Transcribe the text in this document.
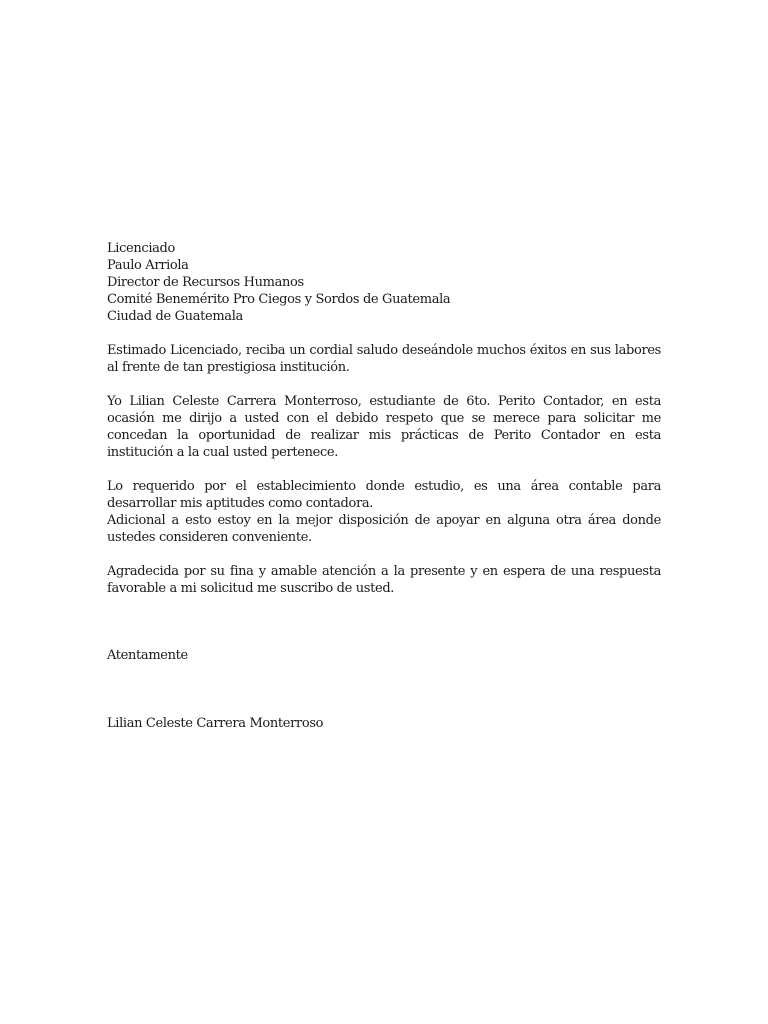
Licenciado
Paulo Arriola
Director de Recursos Humanos
Comité Benemérito Pro Ciegos y Sordos de Guatemala
Ciudad de Guatemala

Estimado Licenciado, reciba un cordial saludo deseándole muchos éxitos en sus labores al frente de tan prestigiosa institución.

Yo Lilian Celeste Carrera Monterroso, estudiante de 6to. Perito Contador, en esta ocasión me dirijo a usted con el debido respeto que se merece para solicitar me concedan la oportunidad de realizar mis prácticas de Perito Contador en esta institución a la cual usted pertenece.

Lo requerido por el establecimiento donde estudio, es una área contable para desarrollar mis aptitudes como contadora.
Adicional a esto estoy en la mejor disposición de apoyar en alguna otra área donde ustedes consideren conveniente.

Agradecida por su fina y amable atención a la presente y en espera de una respuesta favorable a mi solicitud me suscribo de usted.

Atentamente
Lilian Celeste Carrera Monterroso
